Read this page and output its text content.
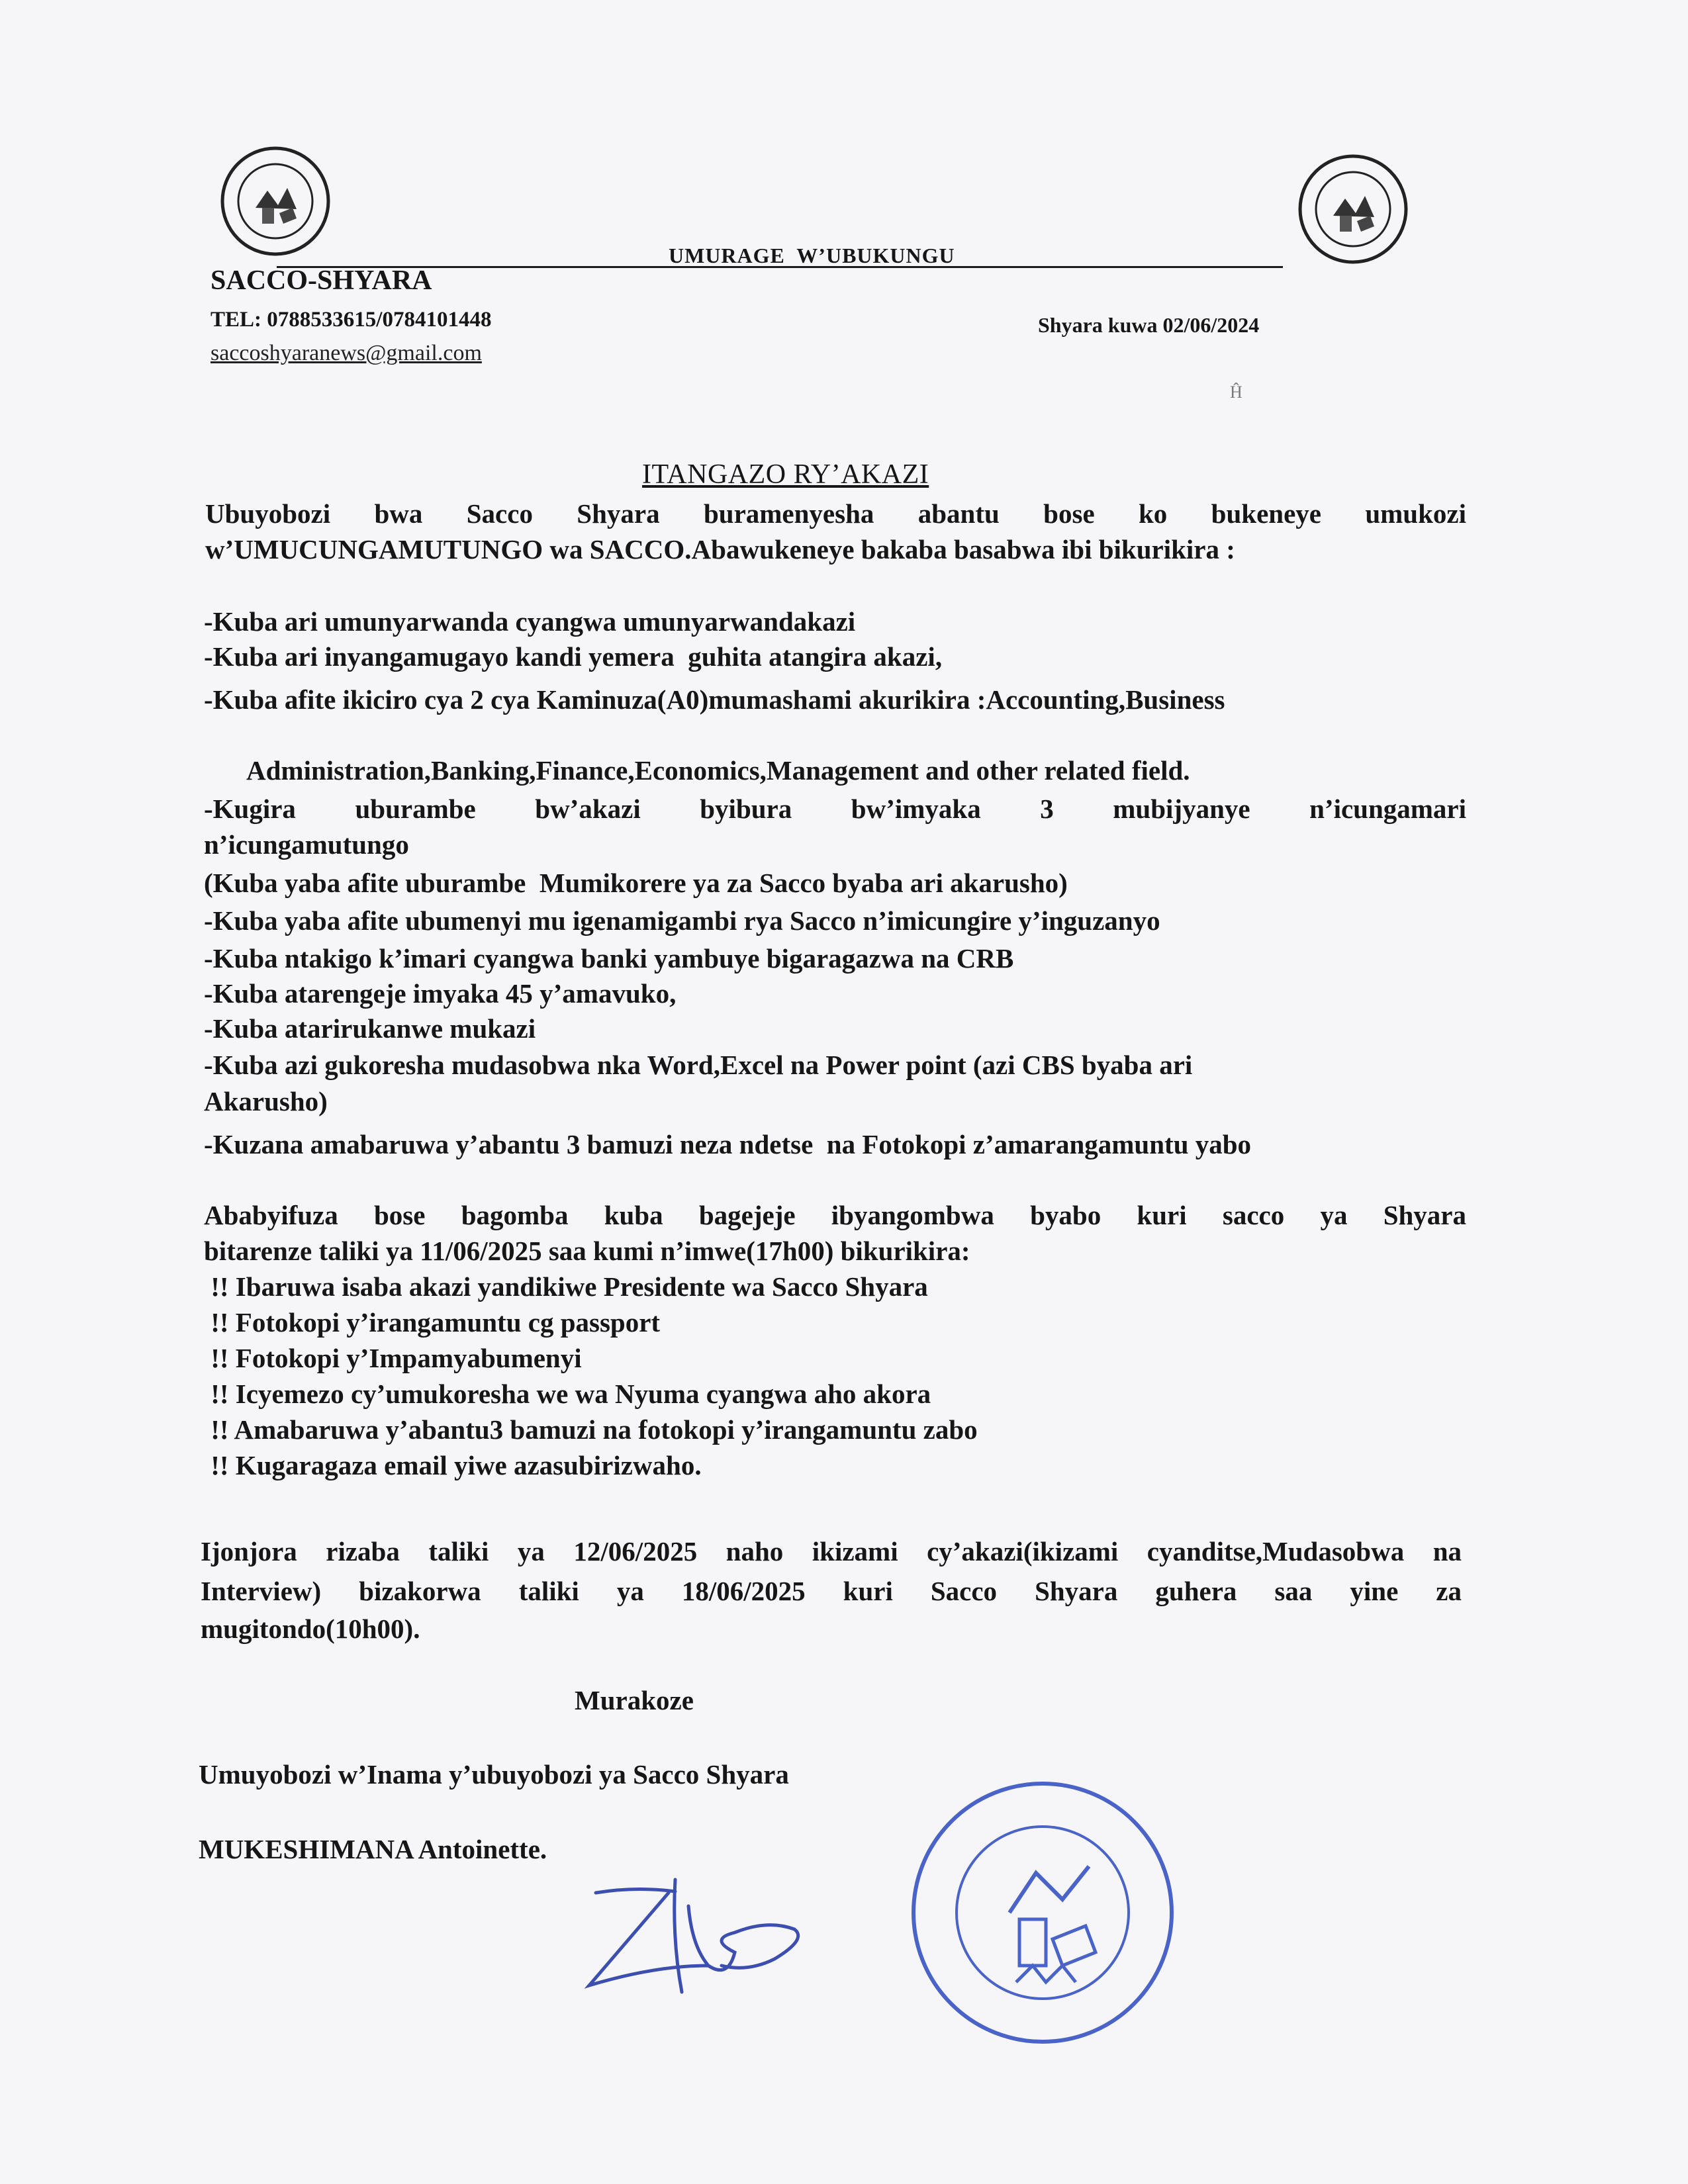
UMURAGE  W’UBUKUNGU
SACCO-SHYARA
TEL: 0788533615/0784101448
saccoshyaranews@gmail.com
Shyara kuwa 02/06/2024
Ĥ
ITANGAZO RY’AKAZI
Ubuyobozi bwa Sacco Shyara buramenyesha abantu bose ko bukeneye umukozi
w’UMUCUNGAMUTUNGO wa SACCO.Abawukeneye bakaba basabwa ibi bikurikira :
-Kuba ari umunyarwanda cyangwa umunyarwandakazi
-Kuba ari inyangamugayo kandi yemera  guhita atangira akazi,
-Kuba afite ikiciro cya 2 cya Kaminuza(A0)mumashami akurikira :Accounting,Business
Administration,Banking,Finance,Economics,Management and other related field.
-Kugira uburambe bw’akazi byibura bw’imyaka 3 mubijyanye n’icungamari
n’icungamutungo
(Kuba yaba afite uburambe  Mumikorere ya za Sacco byaba ari akarusho)
-Kuba yaba afite ubumenyi mu igenamigambi rya Sacco n’imicungire y’inguzanyo
-Kuba ntakigo k’imari cyangwa banki yambuye bigaragazwa na CRB
-Kuba atarengeje imyaka 45 y’amavuko,
-Kuba atarirukanwe mukazi
-Kuba azi gukoresha mudasobwa nka Word,Excel na Power point (azi CBS byaba ari
Akarusho)
-Kuzana amabaruwa y’abantu 3 bamuzi neza ndetse  na Fotokopi z’amarangamuntu yabo
Ababyifuza bose bagomba kuba bagejeje ibyangombwa byabo kuri sacco ya Shyara
bitarenze taliki ya 11/06/2025 saa kumi n’imwe(17h00) bikurikira:
!! Ibaruwa isaba akazi yandikiwe Presidente wa Sacco Shyara
!! Fotokopi y’irangamuntu cg passport
!! Fotokopi y’Impamyabumenyi
!! Icyemezo cy’umukoresha we wa Nyuma cyangwa aho akora
!! Amabaruwa y’abantu3 bamuzi na fotokopi y’irangamuntu zabo
!! Kugaragaza email yiwe azasubirizwaho.
Ijonjora rizaba taliki ya 12/06/2025 naho ikizami cy’akazi(ikizami cyanditse,Mudasobwa na
Interview) bizakorwa taliki ya 18/06/2025 kuri Sacco Shyara guhera saa yine za
mugitondo(10h00).
Murakoze
Umuyobozi w’Inama y’ubuyobozi ya Sacco Shyara
MUKESHIMANA Antoinette.
